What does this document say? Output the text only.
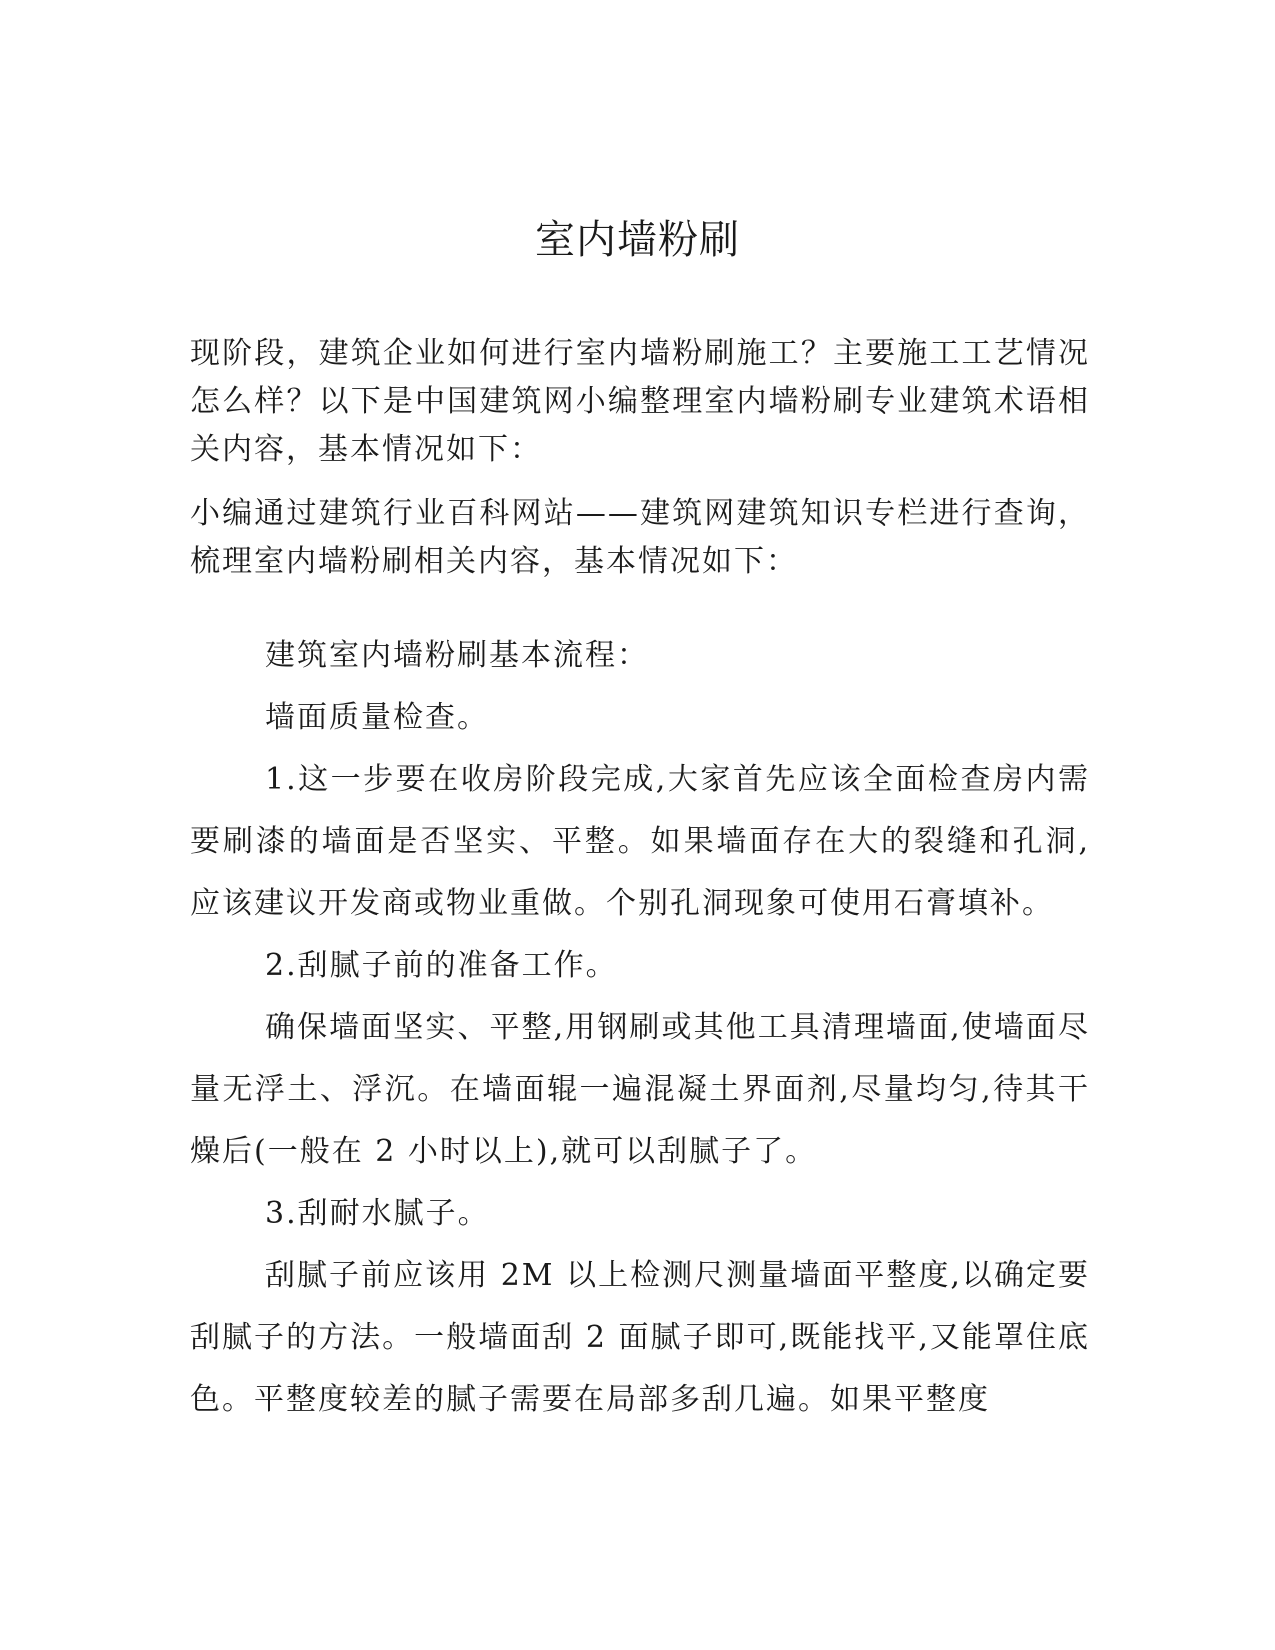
室内墙粉刷

现阶段，建筑企业如何进行室内墙粉刷施工？主要施工工艺情况怎么样？以下是中国建筑网小编整理室内墙粉刷专业建筑术语相关内容，基本情况如下：

小编通过建筑行业百科网站——建筑网建筑知识专栏进行查询，梳理室内墙粉刷相关内容，基本情况如下：

建筑室内墙粉刷基本流程：

墙面质量检查。

1.这一步要在收房阶段完成,大家首先应该全面检查房内需要刷漆的墙面是否坚实、平整。如果墙面存在大的裂缝和孔洞,应该建议开发商或物业重做。个别孔洞现象可使用石膏填补。

2.刮腻子前的准备工作。

确保墙面坚实、平整,用钢刷或其他工具清理墙面,使墙面尽量无浮土、浮沉。在墙面辊一遍混凝土界面剂,尽量均匀,待其干燥后(一般在 2 小时以上),就可以刮腻子了。

3.刮耐水腻子。

刮腻子前应该用 2M 以上检测尺测量墙面平整度,以确定要刮腻子的方法。一般墙面刮 2 面腻子即可,既能找平,又能罩住底色。平整度较差的腻子需要在局部多刮几遍。如果平整度
